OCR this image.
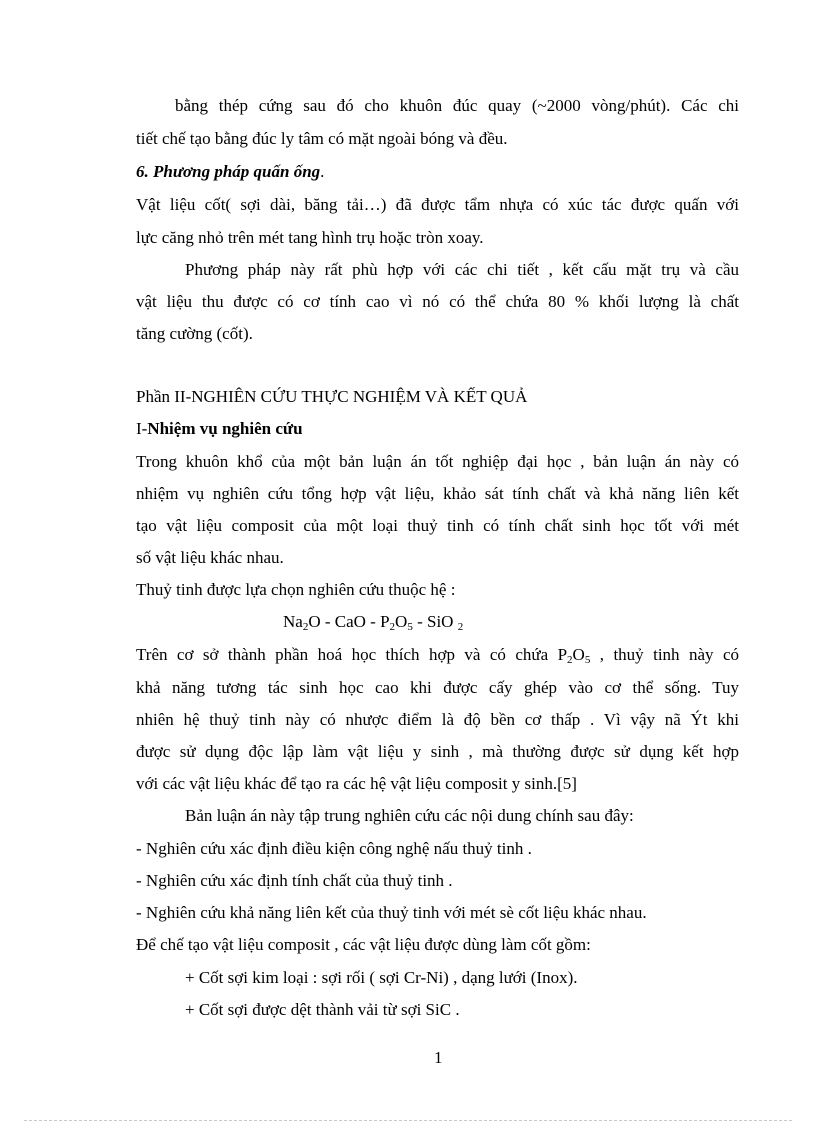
bằng thép cứng sau đó cho khuôn đúc quay (~2000 vòng/phút). Các chi
tiết chế tạo bằng đúc ly tâm có mặt ngoài bóng và đều.
6. Phương pháp quấn ống.
Vật liệu cốt( sợi dài, băng tải…) đã được tẩm nhựa có xúc tác được quấn với
lực căng nhỏ trên mét tang hình trụ hoặc tròn xoay.
Phương pháp này rất phù hợp với các chi tiết , kết cấu mặt trụ và cầu
vật liệu thu được có cơ tính cao vì nó có thể chứa 80 % khối lượng là chất
tăng cường (cốt).
Phần II-NGHIÊN CỨU THỰC NGHIỆM VÀ KẾT QUẢ
I-Nhiệm vụ nghiên cứu
Trong khuôn khổ của một bản luận án tốt nghiệp đại học , bản luận án này có
nhiệm vụ nghiên cứu tổng hợp vật liệu, khảo sát tính chất và khả năng liên kết
tạo vật liệu composit của một loại thuỷ tinh có tính chất sinh học tốt với mét
số vật liệu khác nhau.
Thuỷ tinh được lựa chọn nghiên cứu thuộc hệ :
$Na_2O$ - CaO - $P_2O_5$ - SiO $_2$
Trên cơ sở thành phần hoá học thích hợp và có chứa $P_2O_5$ , thuỷ tinh này có
khả năng tương tác sinh học cao khi được cấy ghép vào cơ thể sống. Tuy
nhiên hệ thuỷ tinh này có nhược điểm là độ bền cơ thấp . Vì vậy nã Ýt khi
được sử dụng độc lập làm vật liệu y sinh , mà thường được sử dụng kết hợp
với các vật liệu khác để tạo ra các hệ vật liệu composit y sinh.[5]
Bản luận án này tập trung nghiên cứu các nội dung chính sau đây:
- Nghiên cứu xác định điều kiện công nghệ nấu thuỷ tinh .
- Nghiên cứu xác định tính chất của thuỷ tinh .
- Nghiên cứu khả năng liên kết của thuỷ tinh với mét sè cốt liệu khác nhau.
Để chế tạo vật liệu composit , các vật liệu được dùng làm cốt gồm:
+ Cốt sợi kim loại : sợi rối ( sợi Cr-Ni) , dạng lưới (Inox).
+ Cốt sợi được dệt thành vải từ sợi SiC .
1
